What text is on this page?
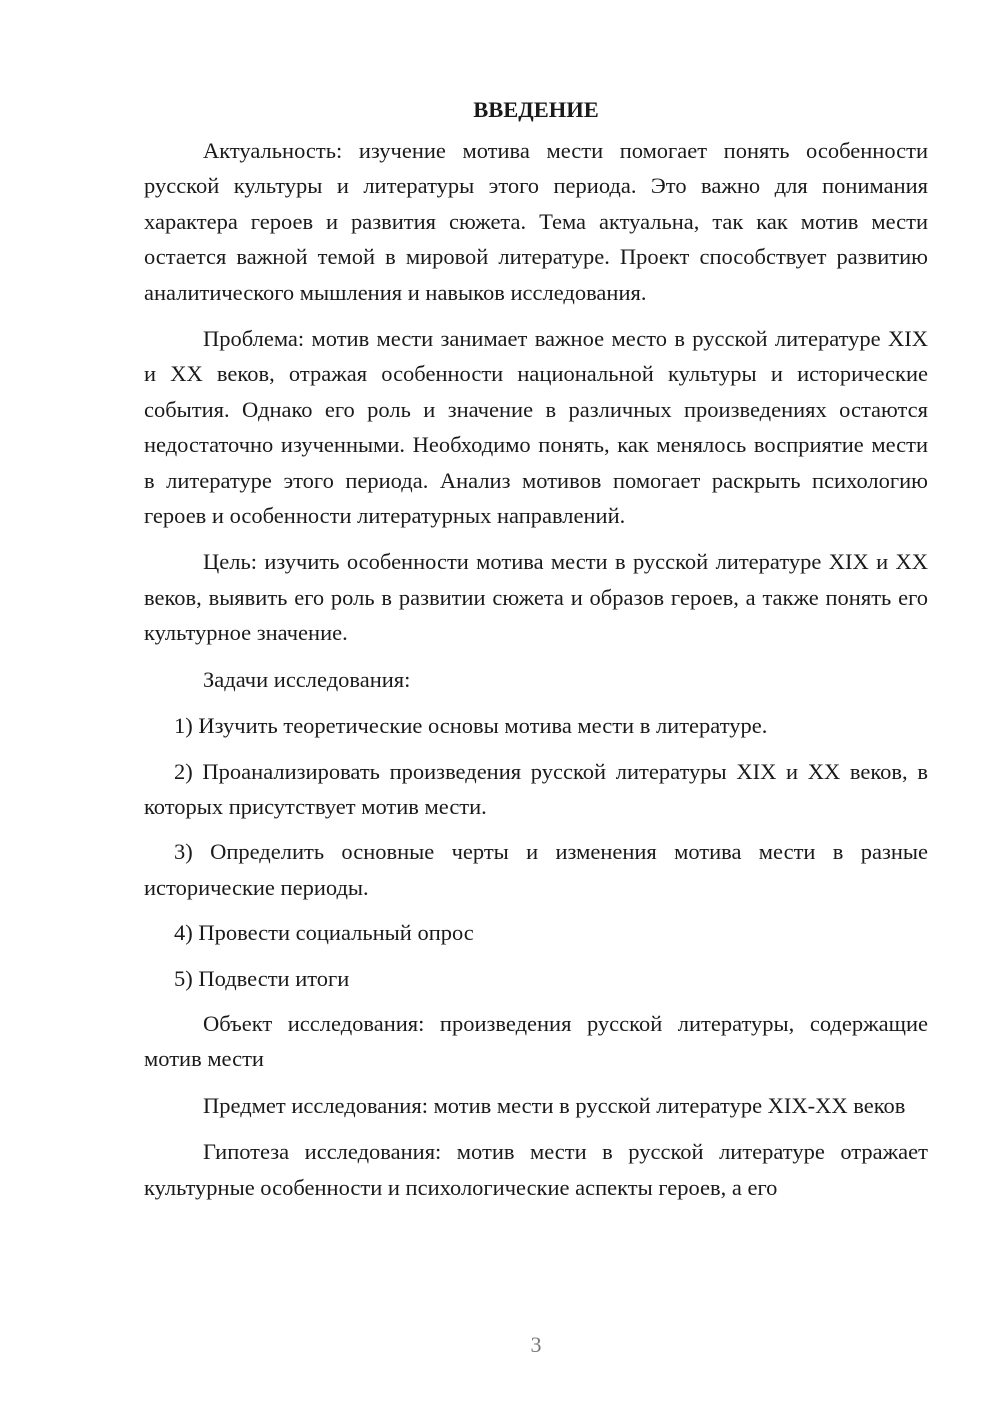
ВВЕДЕНИЕ

Актуальность: изучение мотива мести помогает понять особенности русской культуры и литературы этого периода. Это важно для понимания характера героев и развития сюжета. Тема актуальна, так как мотив мести остается важной темой в мировой литературе. Проект способствует развитию аналитического мышления и навыков исследования.

Проблема: мотив мести занимает важное место в русской литературе XIX и XX веков, отражая особенности национальной культуры и исторические события. Однако его роль и значение в различных произведениях остаются недостаточно изученными. Необходимо понять, как менялось восприятие мести в литературе этого периода. Анализ мотивов помогает раскрыть психологию героев и особенности литературных направлений.

Цель: изучить особенности мотива мести в русской литературе XIX и XX веков, выявить его роль в развитии сюжета и образов героев, а также понять его культурное значение.

Задачи исследования:

1) Изучить теоретические основы мотива мести в литературе.

2) Проанализировать произведения русской литературы XIX и XX веков, в которых присутствует мотив мести.

3) Определить основные черты и изменения мотива мести в разные исторические периоды.

4) Провести социальный опрос

5) Подвести итоги

Объект исследования: произведения русской литературы, содержащие мотив мести

Предмет исследования: мотив мести в русской литературе XIX-XX веков

Гипотеза исследования: мотив мести в русской литературе отражает культурные особенности и психологические аспекты героев, а его

3
